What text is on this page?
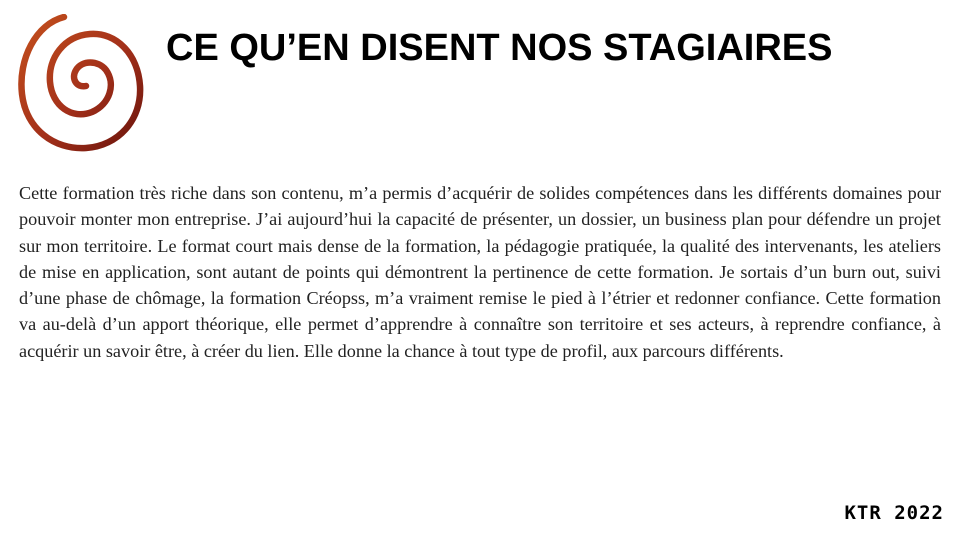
CE QU’EN DISENT NOS STAGIAIRES

Cette formation très riche dans son contenu, m’a permis d’acquérir de solides compétences dans les différents domaines pour pouvoir monter mon entreprise. J’ai aujourd’hui la capacité de présenter, un dossier, un business plan pour défendre un projet sur mon territoire. Le format court mais dense de la formation, la pédagogie pratiquée, la qualité des intervenants, les ateliers de mise en application, sont autant de points qui démontrent la pertinence de cette formation. Je sortais d’un burn out, suivi d’une phase de chômage, la formation Créopss, m’a vraiment remise le pied à l’étrier et redonner confiance. Cette formation va au-delà d’un apport théorique, elle permet d’apprendre à connaître son territoire et ses acteurs, à reprendre confiance, à acquérir un savoir être, à créer du lien. Elle donne la chance à tout type de profil, aux parcours différents.

KTR 2022
